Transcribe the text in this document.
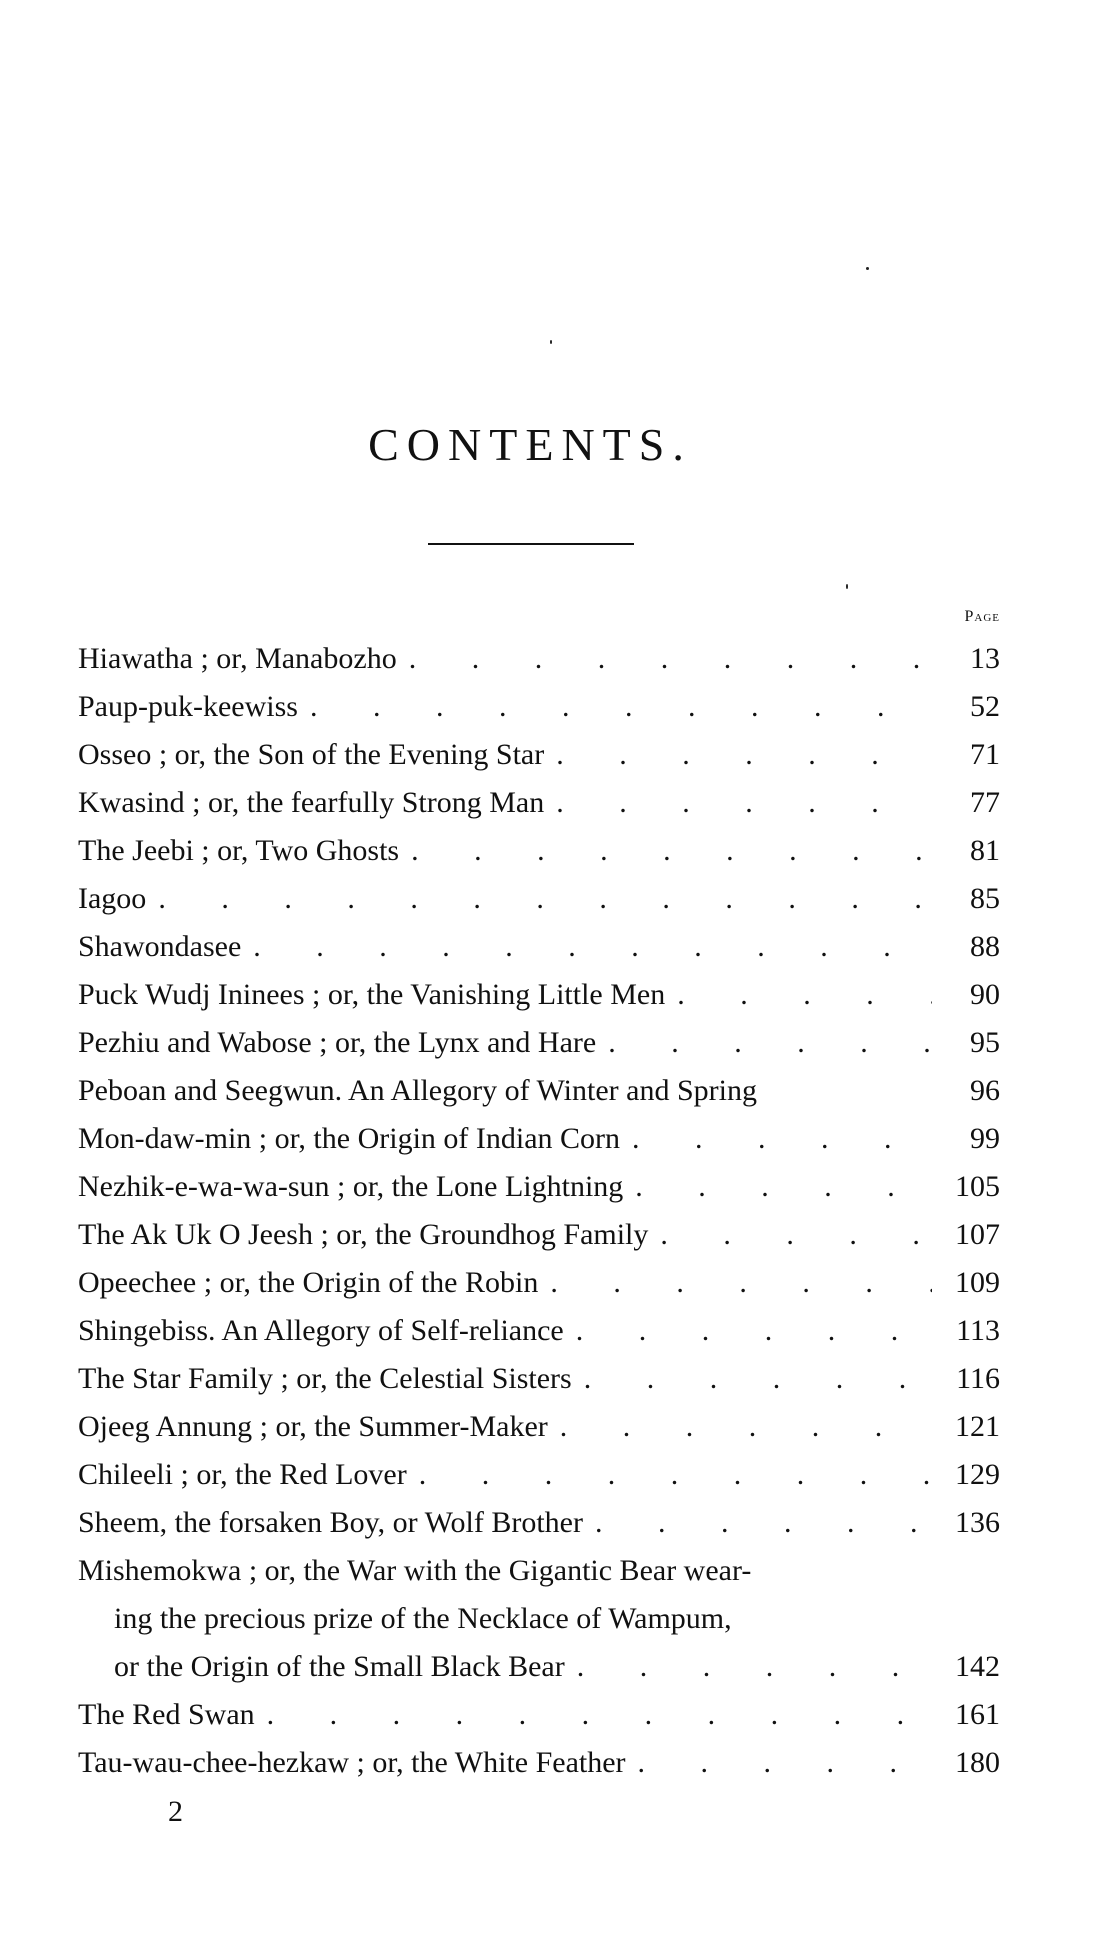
CONTENTS.
Page
Hiawatha ; or, Manabozho . . .	13
Paup-puk-keewiss . . .	52
Osseo ; or, the Son of the Evening Star . . .	71
Kwasind ; or, the fearfully Strong Man . . .	77
The Jeebi ; or, Two Ghosts . . .	81
Iagoo . . .	85
Shawondasee . . .	88
Puck Wudj Ininees ; or, the Vanishing Little Men . . .	90
Pezhiu and Wabose ; or, the Lynx and Hare . . .	95
Peboan and Seegwun. An Allegory of Winter and Spring	96
Mon-daw-min ; or, the Origin of Indian Corn . . .	99
Nezhik-e-wa-wa-sun ; or, the Lone Lightning . . .	105
The Ak Uk O Jeesh ; or, the Groundhog Family . . .	107
Opeechee ; or, the Origin of the Robin . . .	109
Shingebiss. An Allegory of Self-reliance . . .	113
The Star Family ; or, the Celestial Sisters . . .	116
Ojeeg Annung ; or, the Summer-Maker . . .	121
Chileeli ; or, the Red Lover . . .	129
Sheem, the forsaken Boy, or Wolf Brother . . .	136
Mishemokwa ; or, the War with the Gigantic Bear wear-
ing the precious prize of the Necklace of Wampum,
or the Origin of the Small Black Bear . . .	142
The Red Swan . . .	161
Tau-wau-chee-hezkaw ; or, the White Feather . . .	180
2
